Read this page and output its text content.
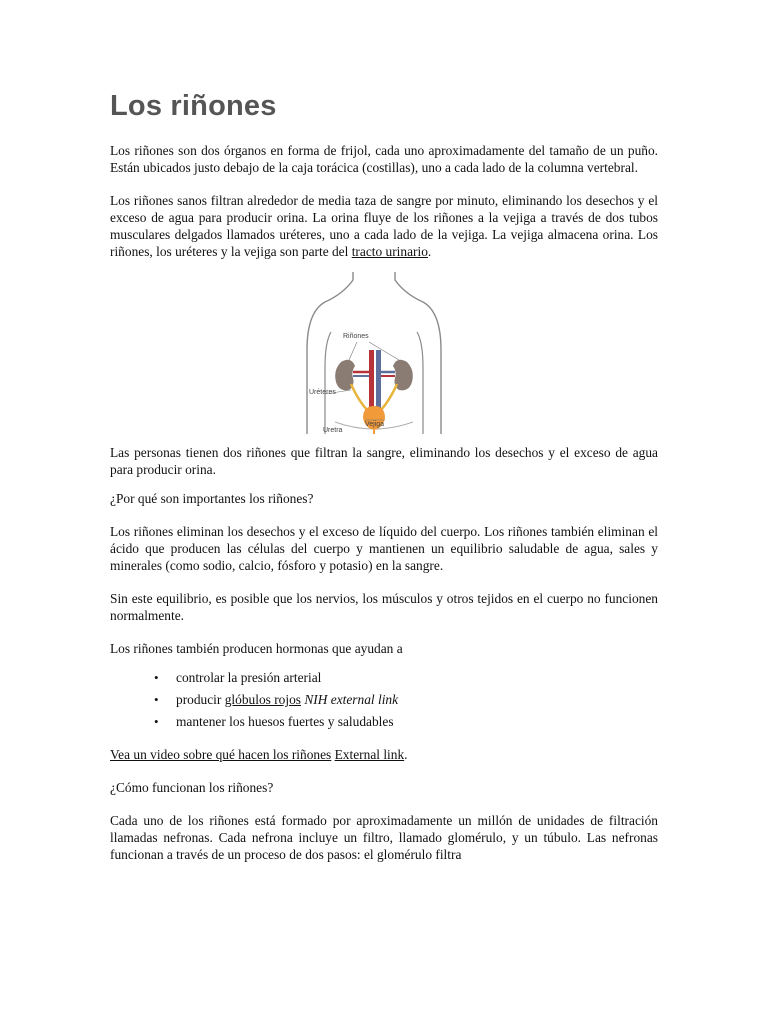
Los riñones

Los riñones son dos órganos en forma de frijol, cada uno aproximadamente del tamaño de un puño. Están ubicados justo debajo de la caja torácica (costillas), uno a cada lado de la columna vertebral.

Los riñones sanos filtran alrededor de media taza de sangre por minuto, eliminando los desechos y el exceso de agua para producir orina. La orina fluye de los riñones a la vejiga a través de dos tubos musculares delgados llamados uréteres, uno a cada lado de la vejiga. La vejiga almacena orina. Los riñones, los uréteres y la vejiga son parte del tracto urinario.

Riñones
Uréteres
Vejiga
Uretra

Las personas tienen dos riñones que filtran la sangre, eliminando los desechos y el exceso de agua para producir orina.

¿Por qué son importantes los riñones?

Los riñones eliminan los desechos y el exceso de líquido del cuerpo. Los riñones también eliminan el ácido que producen las células del cuerpo y mantienen un equilibrio saludable de agua, sales y minerales (como sodio, calcio, fósforo y potasio) en la sangre.

Sin este equilibrio, es posible que los nervios, los músculos y otros tejidos en el cuerpo no funcionen normalmente.

Los riñones también producen hormonas que ayudan a

• controlar la presión arterial
• producir glóbulos rojos NIH external link
• mantener los huesos fuertes y saludables

Vea un video sobre qué hacen los riñones External link.

¿Cómo funcionan los riñones?

Cada uno de los riñones está formado por aproximadamente un millón de unidades de filtración llamadas nefronas. Cada nefrona incluye un filtro, llamado glomérulo, y un túbulo. Las nefronas funcionan a través de un proceso de dos pasos: el glomérulo filtra
